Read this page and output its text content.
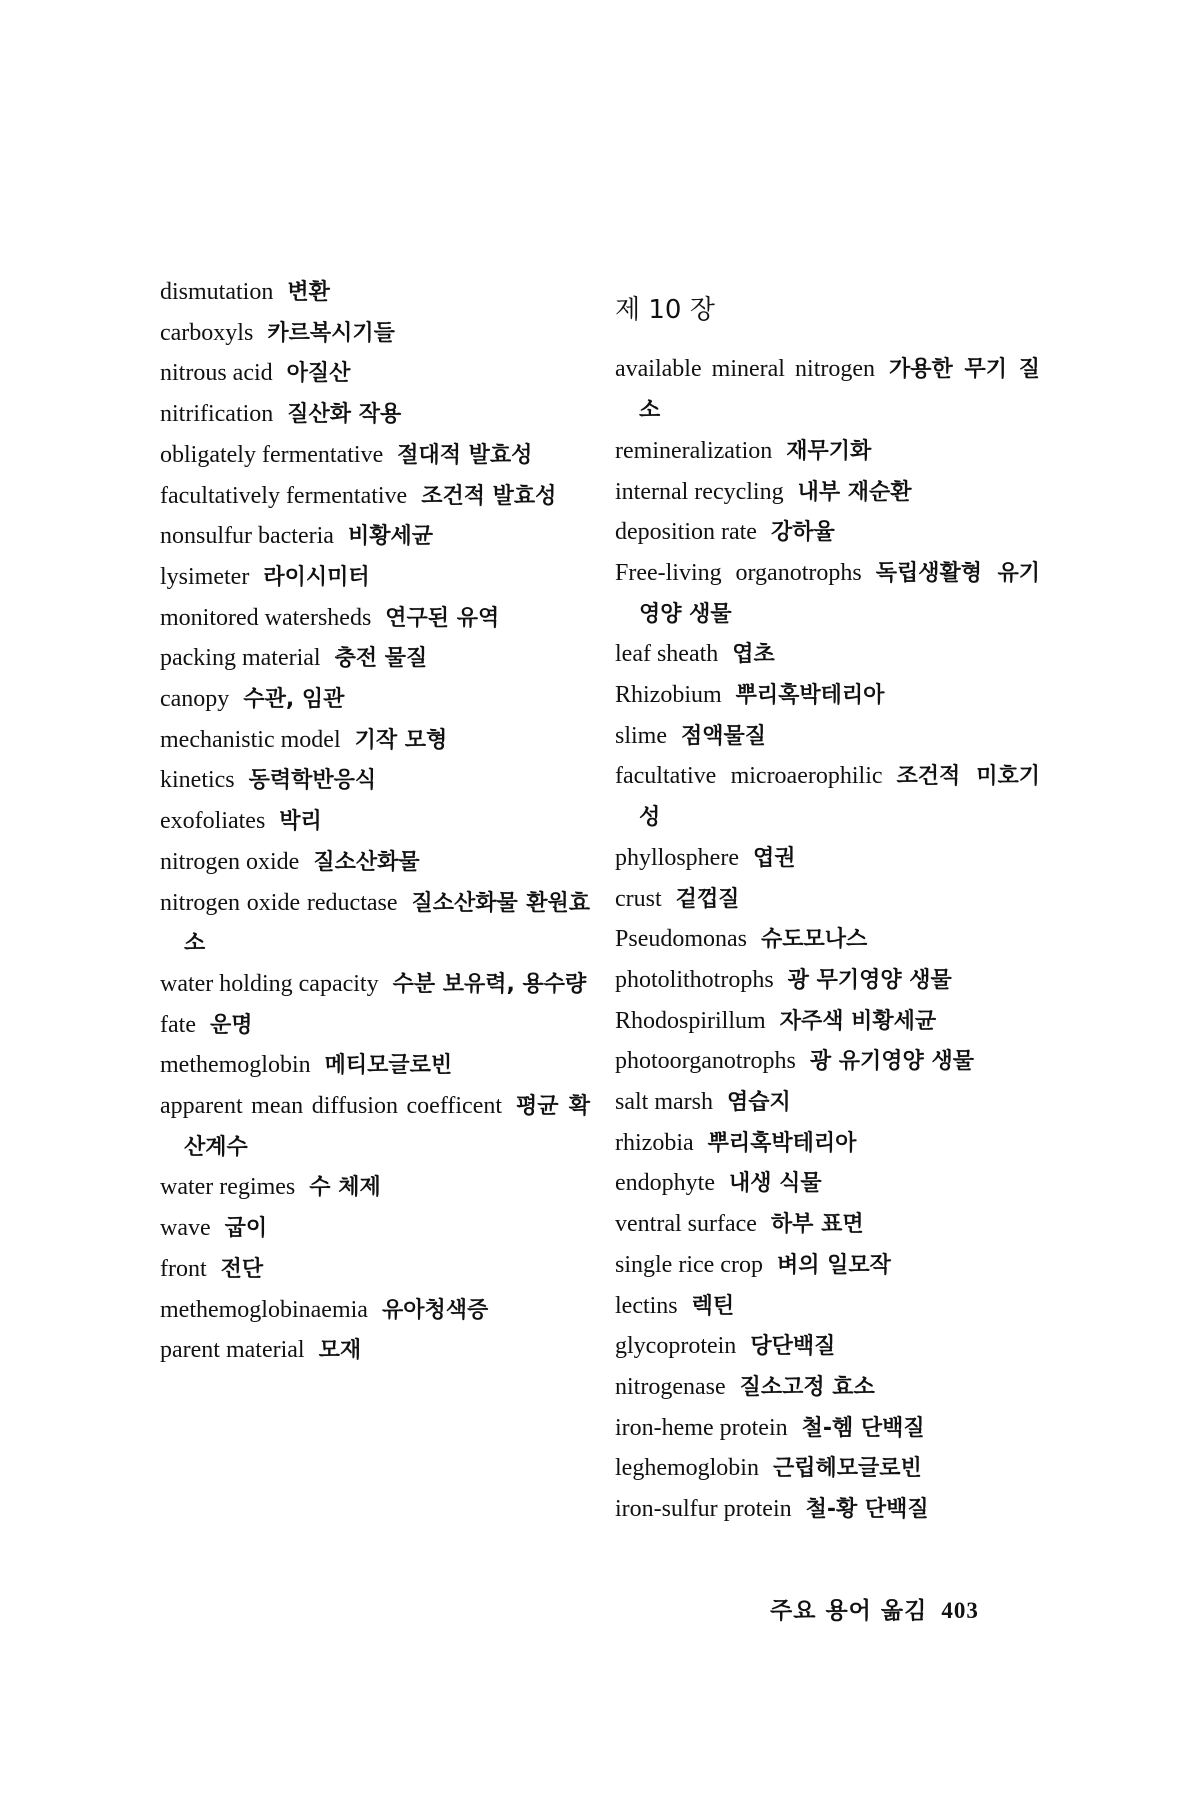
dismutation 변환

carboxyls 카르복시기들

nitrous acid 아질산

nitrification 질산화 작용

obligately fermentative 절대적 발효성

facultatively fermentative 조건적 발효성

nonsulfur bacteria 비황세균

lysimeter 라이시미터

monitored watersheds 연구된 유역

packing material 충전 물질

canopy 수관, 임관

mechanistic model 기작 모형

kinetics 동력학반응식

exofoliates 박리

nitrogen oxide 질소산화물

nitrogen oxide reductase 질소산화물 환원효소

water holding capacity 수분 보유력, 용수량

fate 운명

methemoglobin 메티모글로빈

apparent mean diffusion coefficent 평균 확산계수

water regimes 수 체제

wave 굽이

front 전단

methemoglobinaemia 유아청색증

parent material 모재

제 10 장

available mineral nitrogen 가용한 무기 질소

remineralization 재무기화

internal recycling 내부 재순환

deposition rate 강하율

Free-living organotrophs 독립생활형 유기영양 생물

leaf sheath 엽초

Rhizobium 뿌리혹박테리아

slime 점액물질

facultative microaerophilic 조건적 미호기성

phyllosphere 엽권

crust 겉껍질

Pseudomonas 슈도모나스

photolithotrophs 광 무기영양 생물

Rhodospirillum 자주색 비황세균

photoorganotrophs 광 유기영양 생물

salt marsh 염습지

rhizobia 뿌리혹박테리아

endophyte 내생 식물

ventral surface 하부 표면

single rice crop 벼의 일모작

lectins 렉틴

glycoprotein 당단백질

nitrogenase 질소고정 효소

iron-heme protein 철-헴 단백질

leghemoglobin 근립헤모글로빈

iron-sulfur protein 철-황 단백질

주요 용어 옮김 403
